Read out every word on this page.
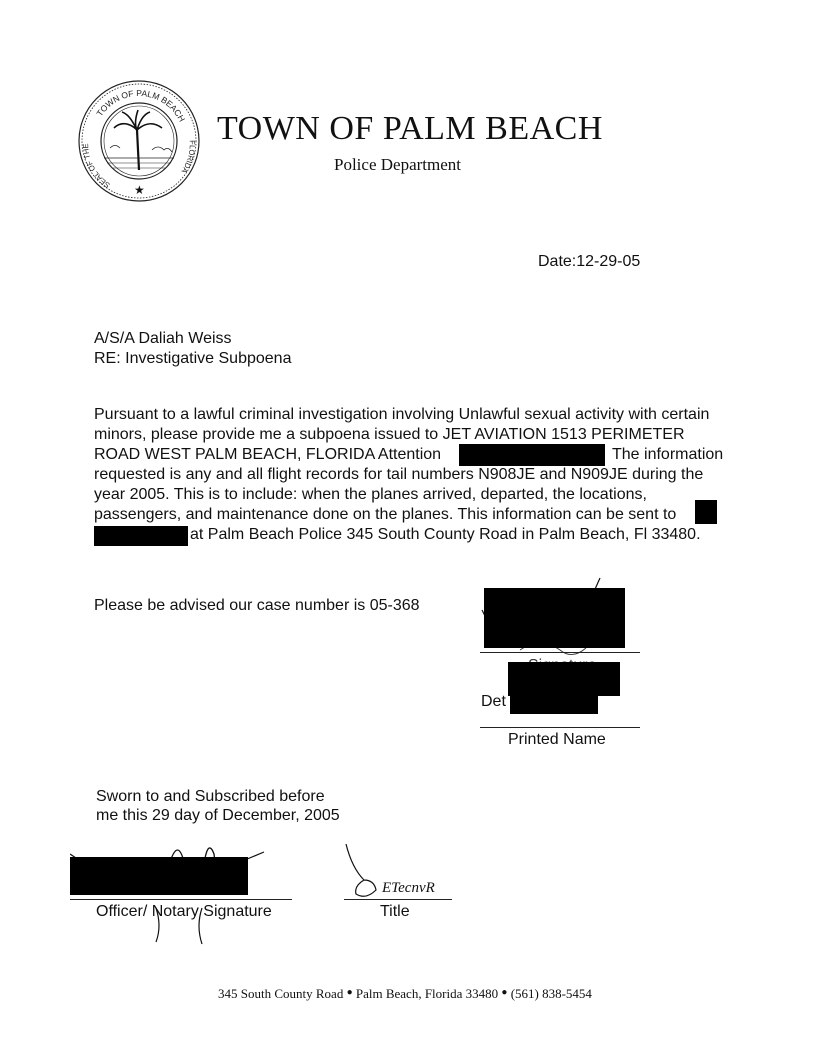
TOWN OF PALM BEACH
SEAL OF THE
FLORIDA
★
TOWN OF PALM BEACH
Police Department
Date:12-29-05
A/S/A Daliah Weiss
RE: Investigative Subpoena
Pursuant to a lawful criminal investigation involving Unlawful sexual activity with certain
minors, please provide me a subpoena issued to JET AVIATION 1513 PERIMETER
ROAD WEST PALM BEACH, FLORIDA Attention	The information
requested is any and all flight records for tail numbers N908JE and N909JE during the
year 2005. This is to include: when the planes arrived, departed, the locations,
passengers, and maintenance done on the planes. This information can be sent to
at Palm Beach Police 345 South County Road in Palm Beach, Fl 33480.
Please be advised our case number is 05-368
Det
Printed Name
Sworn to and Subscribed before
me this 29 day of December, 2005
Officer/ Notary Signature
ETecnvR
Title
345 South County Road ● Palm Beach, Florida 33480 ● (561) 838-5454
